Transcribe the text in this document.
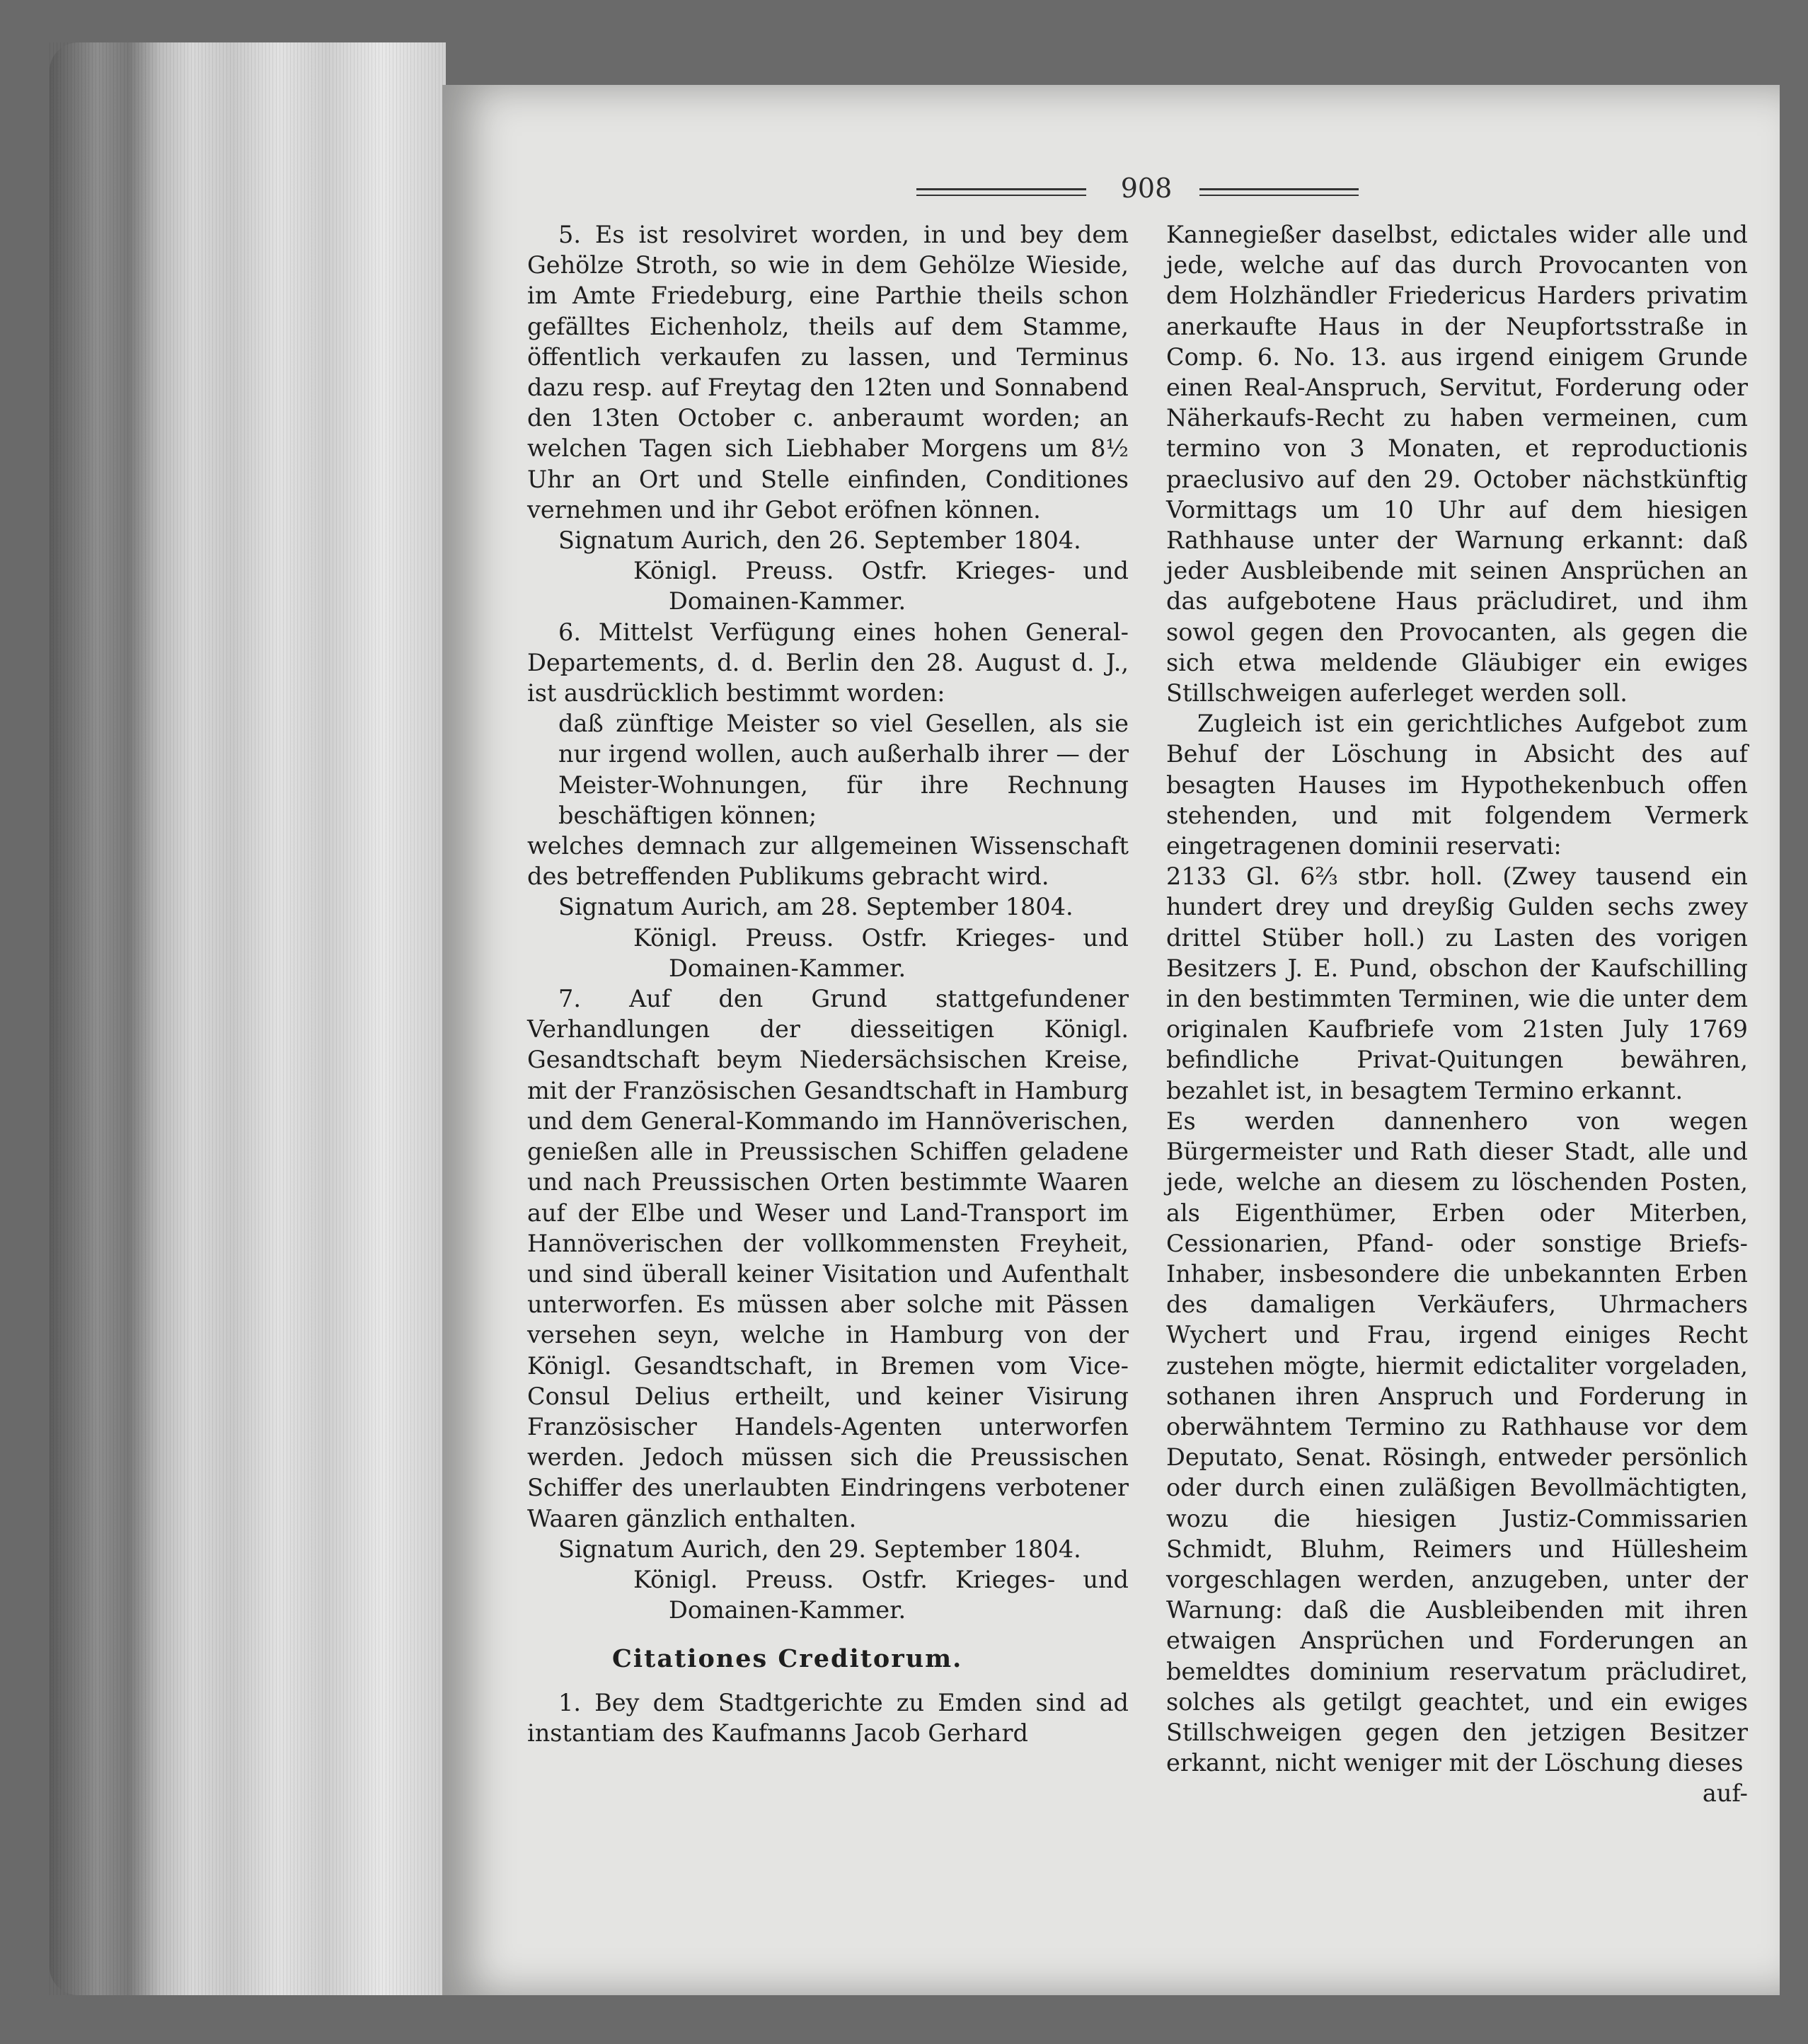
908

5. Es ist resolviret worden, in und bey dem Gehölze Stroth, so wie in dem Gehölze Wieside, im Amte Friedeburg, eine Parthie theils schon gefälltes Eichenholz, theils auf dem Stamme, öffentlich verkaufen zu lassen, und Terminus dazu resp. auf Freytag den 12ten und Sonnabend den 13ten October c. anberaumt worden; an welchen Tagen sich Liebhaber Morgens um 8½ Uhr an Ort und Stelle einfinden, Conditiones vernehmen und ihr Gebot eröfnen können.

Signatum Aurich, den 26. September 1804.

Königl. Preuss. Ostfr. Krieges- und Domainen-Kammer.

6. Mittelst Verfügung eines hohen General-Departements, d. d. Berlin den 28. August d. J., ist ausdrücklich bestimmt worden:

daß zünftige Meister so viel Gesellen, als sie nur irgend wollen, auch außerhalb ihrer — der Meister-Wohnungen, für ihre Rechnung beschäftigen können;

welches demnach zur allgemeinen Wissenschaft des betreffenden Publikums gebracht wird.

Signatum Aurich, am 28. September 1804.

Königl. Preuss. Ostfr. Krieges- und Domainen-Kammer.

7. Auf den Grund stattgefundener Verhandlungen der diesseitigen Königl. Gesandtschaft beym Niedersächsischen Kreise, mit der Französischen Gesandtschaft in Hamburg und dem General-Kommando im Hannöverischen, genießen alle in Preussischen Schiffen geladene und nach Preussischen Orten bestimmte Waaren auf der Elbe und Weser und Land-Transport im Hannöverischen der vollkommensten Freyheit, und sind überall keiner Visitation und Aufenthalt unterworfen. Es müssen aber solche mit Pässen versehen seyn, welche in Hamburg von der Königl. Gesandtschaft, in Bremen vom Vice-Consul Delius ertheilt, und keiner Visirung Französischer Handels-Agenten unterworfen werden. Jedoch müssen sich die Preussischen Schiffer des unerlaubten Eindringens verbotener Waaren gänzlich enthalten.

Signatum Aurich, den 29. September 1804.

Königl. Preuss. Ostfr. Krieges- und Domainen-Kammer.

Citationes Creditorum.

1. Bey dem Stadtgerichte zu Emden sind ad instantiam des Kaufmanns Jacob Gerhard

Kannegießer daselbst, edictales wider alle und jede, welche auf das durch Provocanten von dem Holzhändler Friedericus Harders privatim anerkaufte Haus in der Neupfortsstraße in Comp. 6. No. 13. aus irgend einigem Grunde einen Real-Anspruch, Servitut, Forderung oder Näherkaufs-Recht zu haben vermeinen, cum termino von 3 Monaten, et reproductionis praeclusivo auf den 29. October nächstkünftig Vormittags um 10 Uhr auf dem hiesigen Rathhause unter der Warnung erkannt: daß jeder Ausbleibende mit seinen Ansprüchen an das aufgebotene Haus präcludiret, und ihm sowol gegen den Provocanten, als gegen die sich etwa meldende Gläubiger ein ewiges Stillschweigen auferleget werden soll.

Zugleich ist ein gerichtliches Aufgebot zum Behuf der Löschung in Absicht des auf besagten Hauses im Hypothekenbuch offen stehenden, und mit folgendem Vermerk eingetragenen dominii reservati:

2133 Gl. 6⅔ stbr. holl. (Zwey tausend ein hundert drey und dreyßig Gulden sechs zwey drittel Stüber holl.) zu Lasten des vorigen Besitzers J. E. Pund, obschon der Kaufschilling in den bestimmten Terminen, wie die unter dem originalen Kaufbriefe vom 21sten July 1769 befindliche Privat-Quitungen bewähren, bezahlet ist, in besagtem Termino erkannt.

Es werden dannenhero von wegen Bürgermeister und Rath dieser Stadt, alle und jede, welche an diesem zu löschenden Posten, als Eigenthümer, Erben oder Miterben, Cessionarien, Pfand- oder sonstige Briefs-Inhaber, insbesondere die unbekannten Erben des damaligen Verkäufers, Uhrmachers Wychert und Frau, irgend einiges Recht zustehen mögte, hiermit edictaliter vorgeladen, sothanen ihren Anspruch und Forderung in oberwähntem Termino zu Rathhause vor dem Deputato, Senat. Rösingh, entweder persönlich oder durch einen zuläßigen Bevollmächtigten, wozu die hiesigen Justiz-Commissarien Schmidt, Bluhm, Reimers und Hüllesheim vorgeschlagen werden, anzugeben, unter der Warnung: daß die Ausbleibenden mit ihren etwaigen Ansprüchen und Forderungen an bemeldtes dominium reservatum präcludiret, solches als getilgt geachtet, und ein ewiges Stillschweigen gegen den jetzigen Besitzer erkannt, nicht weniger mit der Löschung dieses

auf-
